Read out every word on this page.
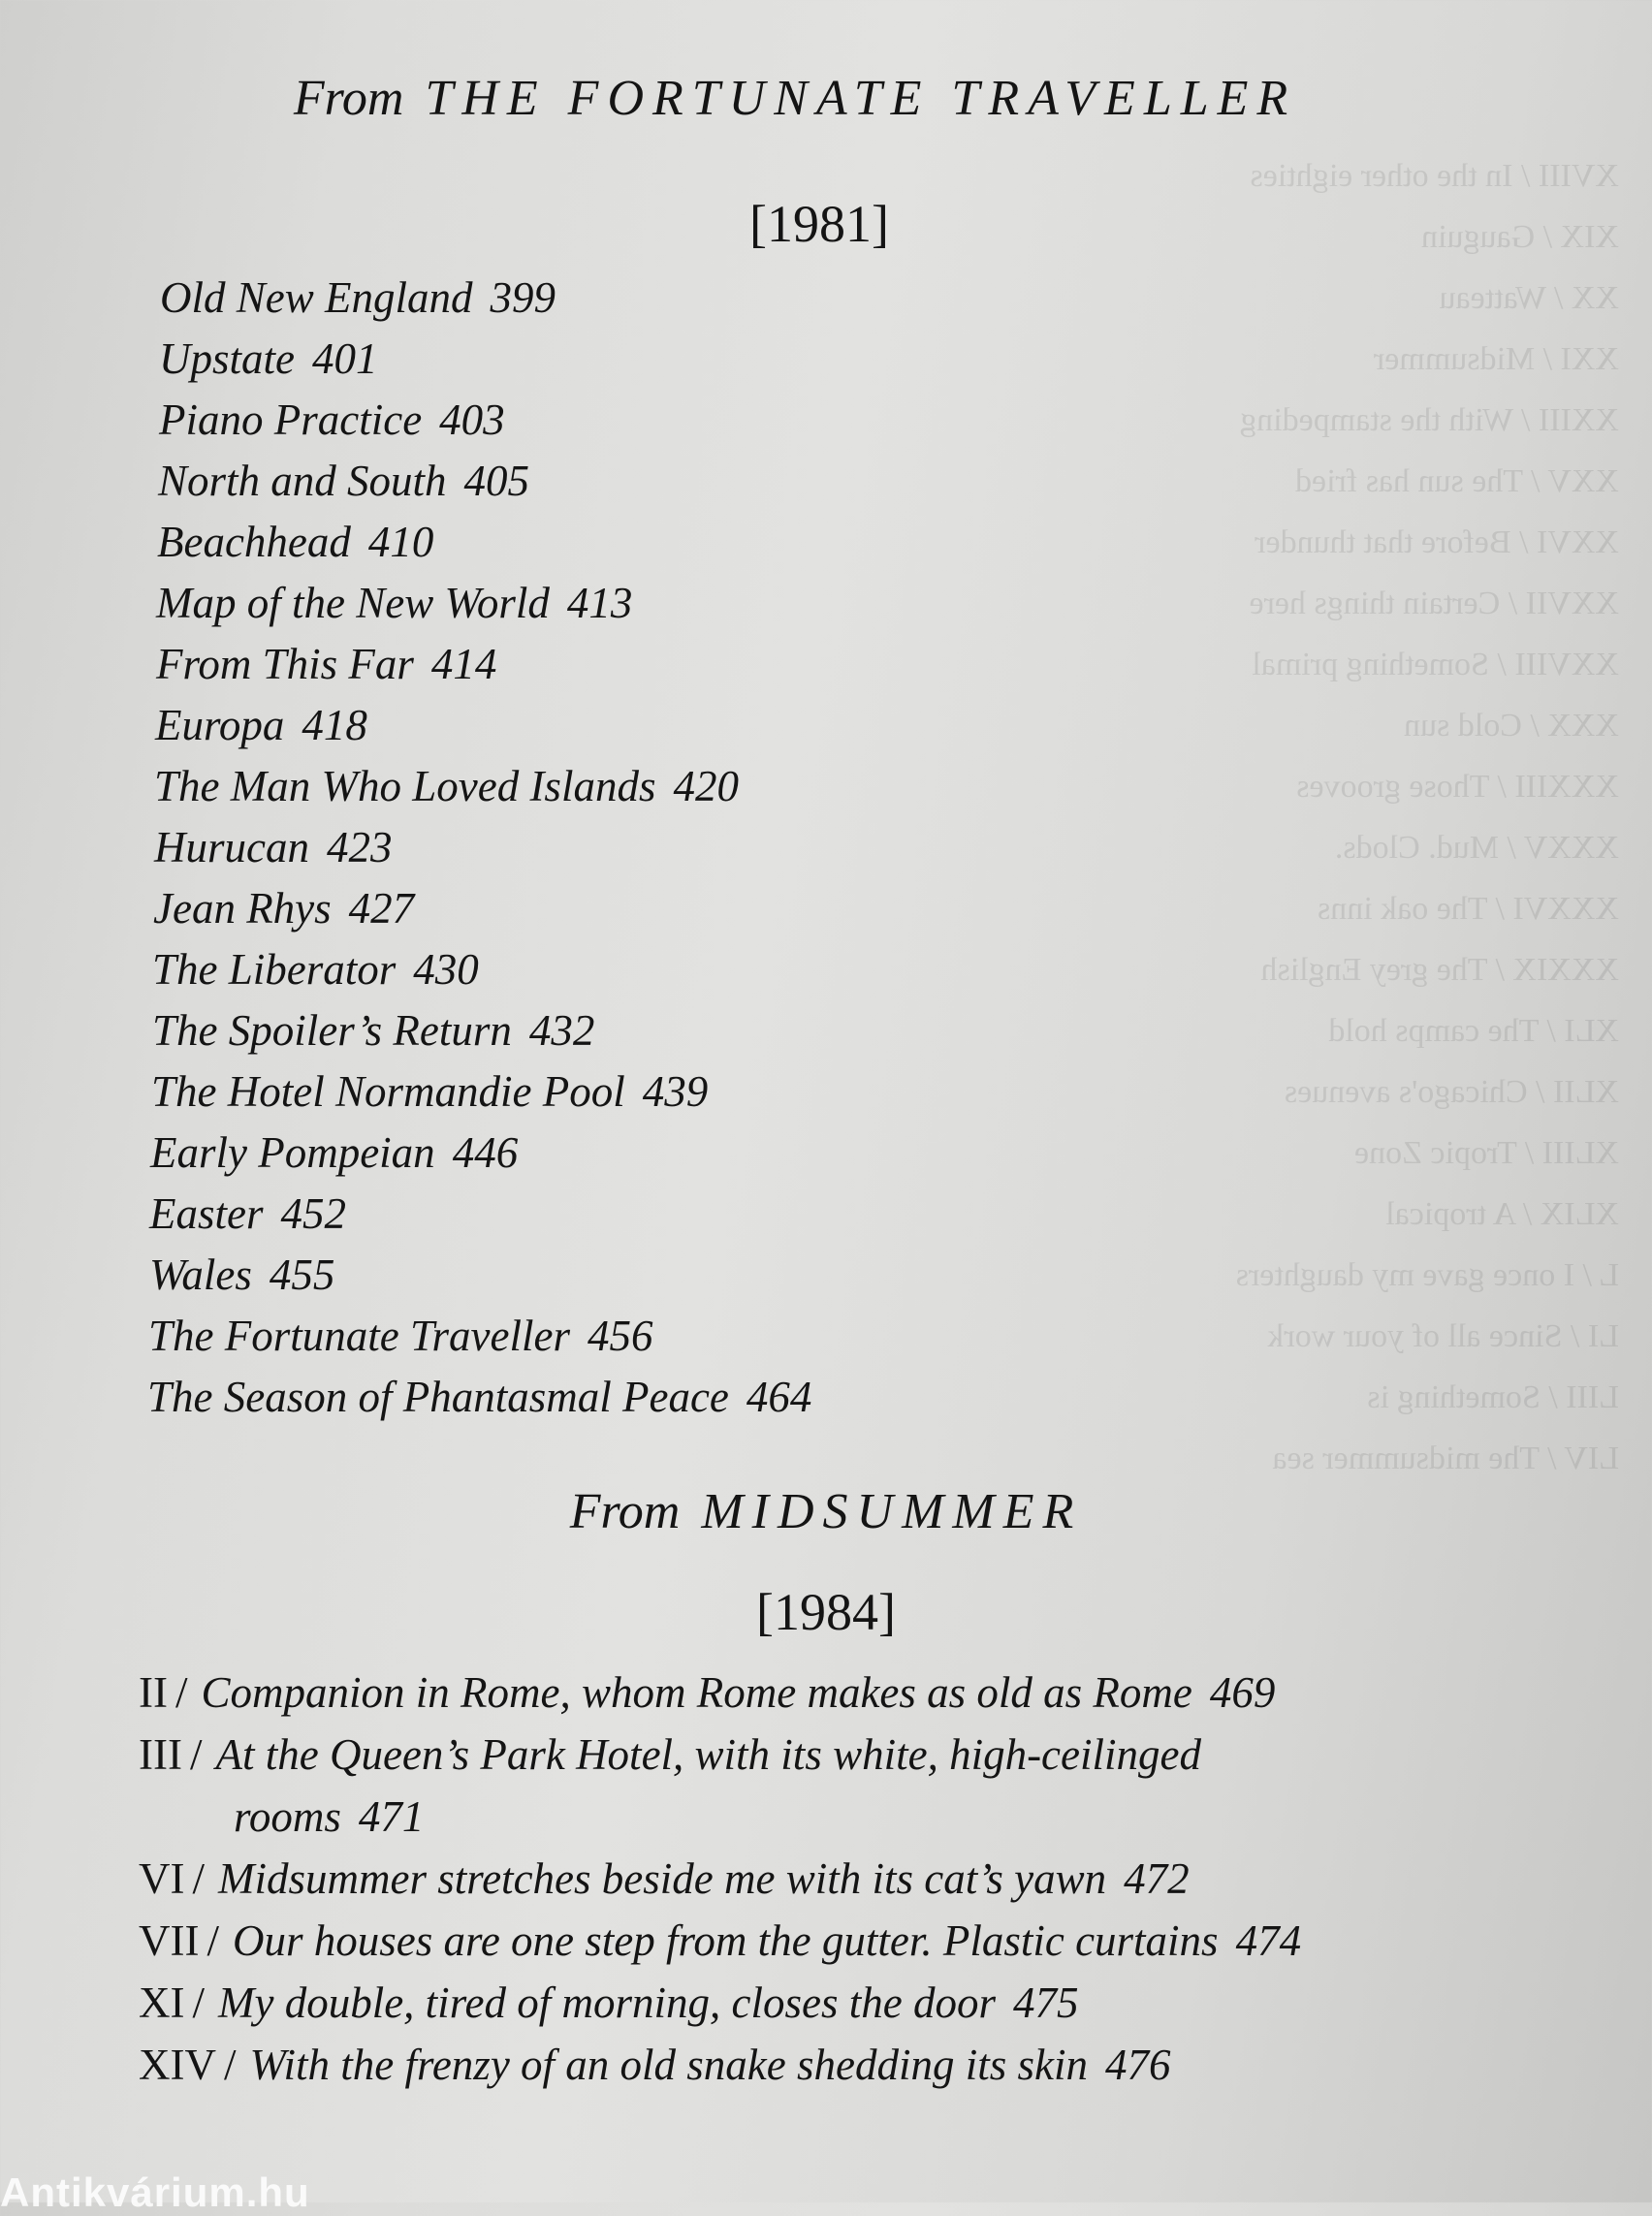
XVIII / In the other eighties
XIX / Gauguin
XX / Watteau
XXI / Midsummer
XXIII / With the stampeding
XXV / The sun has fried
XXVI / Before that thunder
XXVII / Certain things here
XXVIII / Something primal
XXX / Cold sun
XXXIII / Those grooves
XXXV / Mud. Clods.
XXXVI / The oak inns
XXXIX / The grey English
XLI / The camps hold
XLII / Chicago's avenues
XLIII / Tropic Zone
XLIX / A tropical
L / I once gave my daughters
LI / Since all of your work
LIII / Something is
LIV / The midsummer sea
From THE FORTUNATE TRAVELLER
[1981]
Old New England 399
Upstate 401
Piano Practice 403
North and South 405
Beachhead 410
Map of the New World 413
From This Far 414
Europa 418
The Man Who Loved Islands 420
Hurucan 423
Jean Rhys 427
The Liberator 430
The Spoiler’s Return 432
The Hotel Normandie Pool 439
Early Pompeian 446
Easter 452
Wales 455
The Fortunate Traveller 456
The Season of Phantasmal Peace 464
From MIDSUMMER
[1984]
II / Companion in Rome, whom Rome makes as old as Rome 469
III / At the Queen’s Park Hotel, with its white, high-ceilinged
rooms 471
VI / Midsummer stretches beside me with its cat’s yawn 472
VII / Our houses are one step from the gutter. Plastic curtains 474
XI / My double, tired of morning, closes the door 475
XIV / With the frenzy of an old snake shedding its skin 476
Antikvárium.hu
